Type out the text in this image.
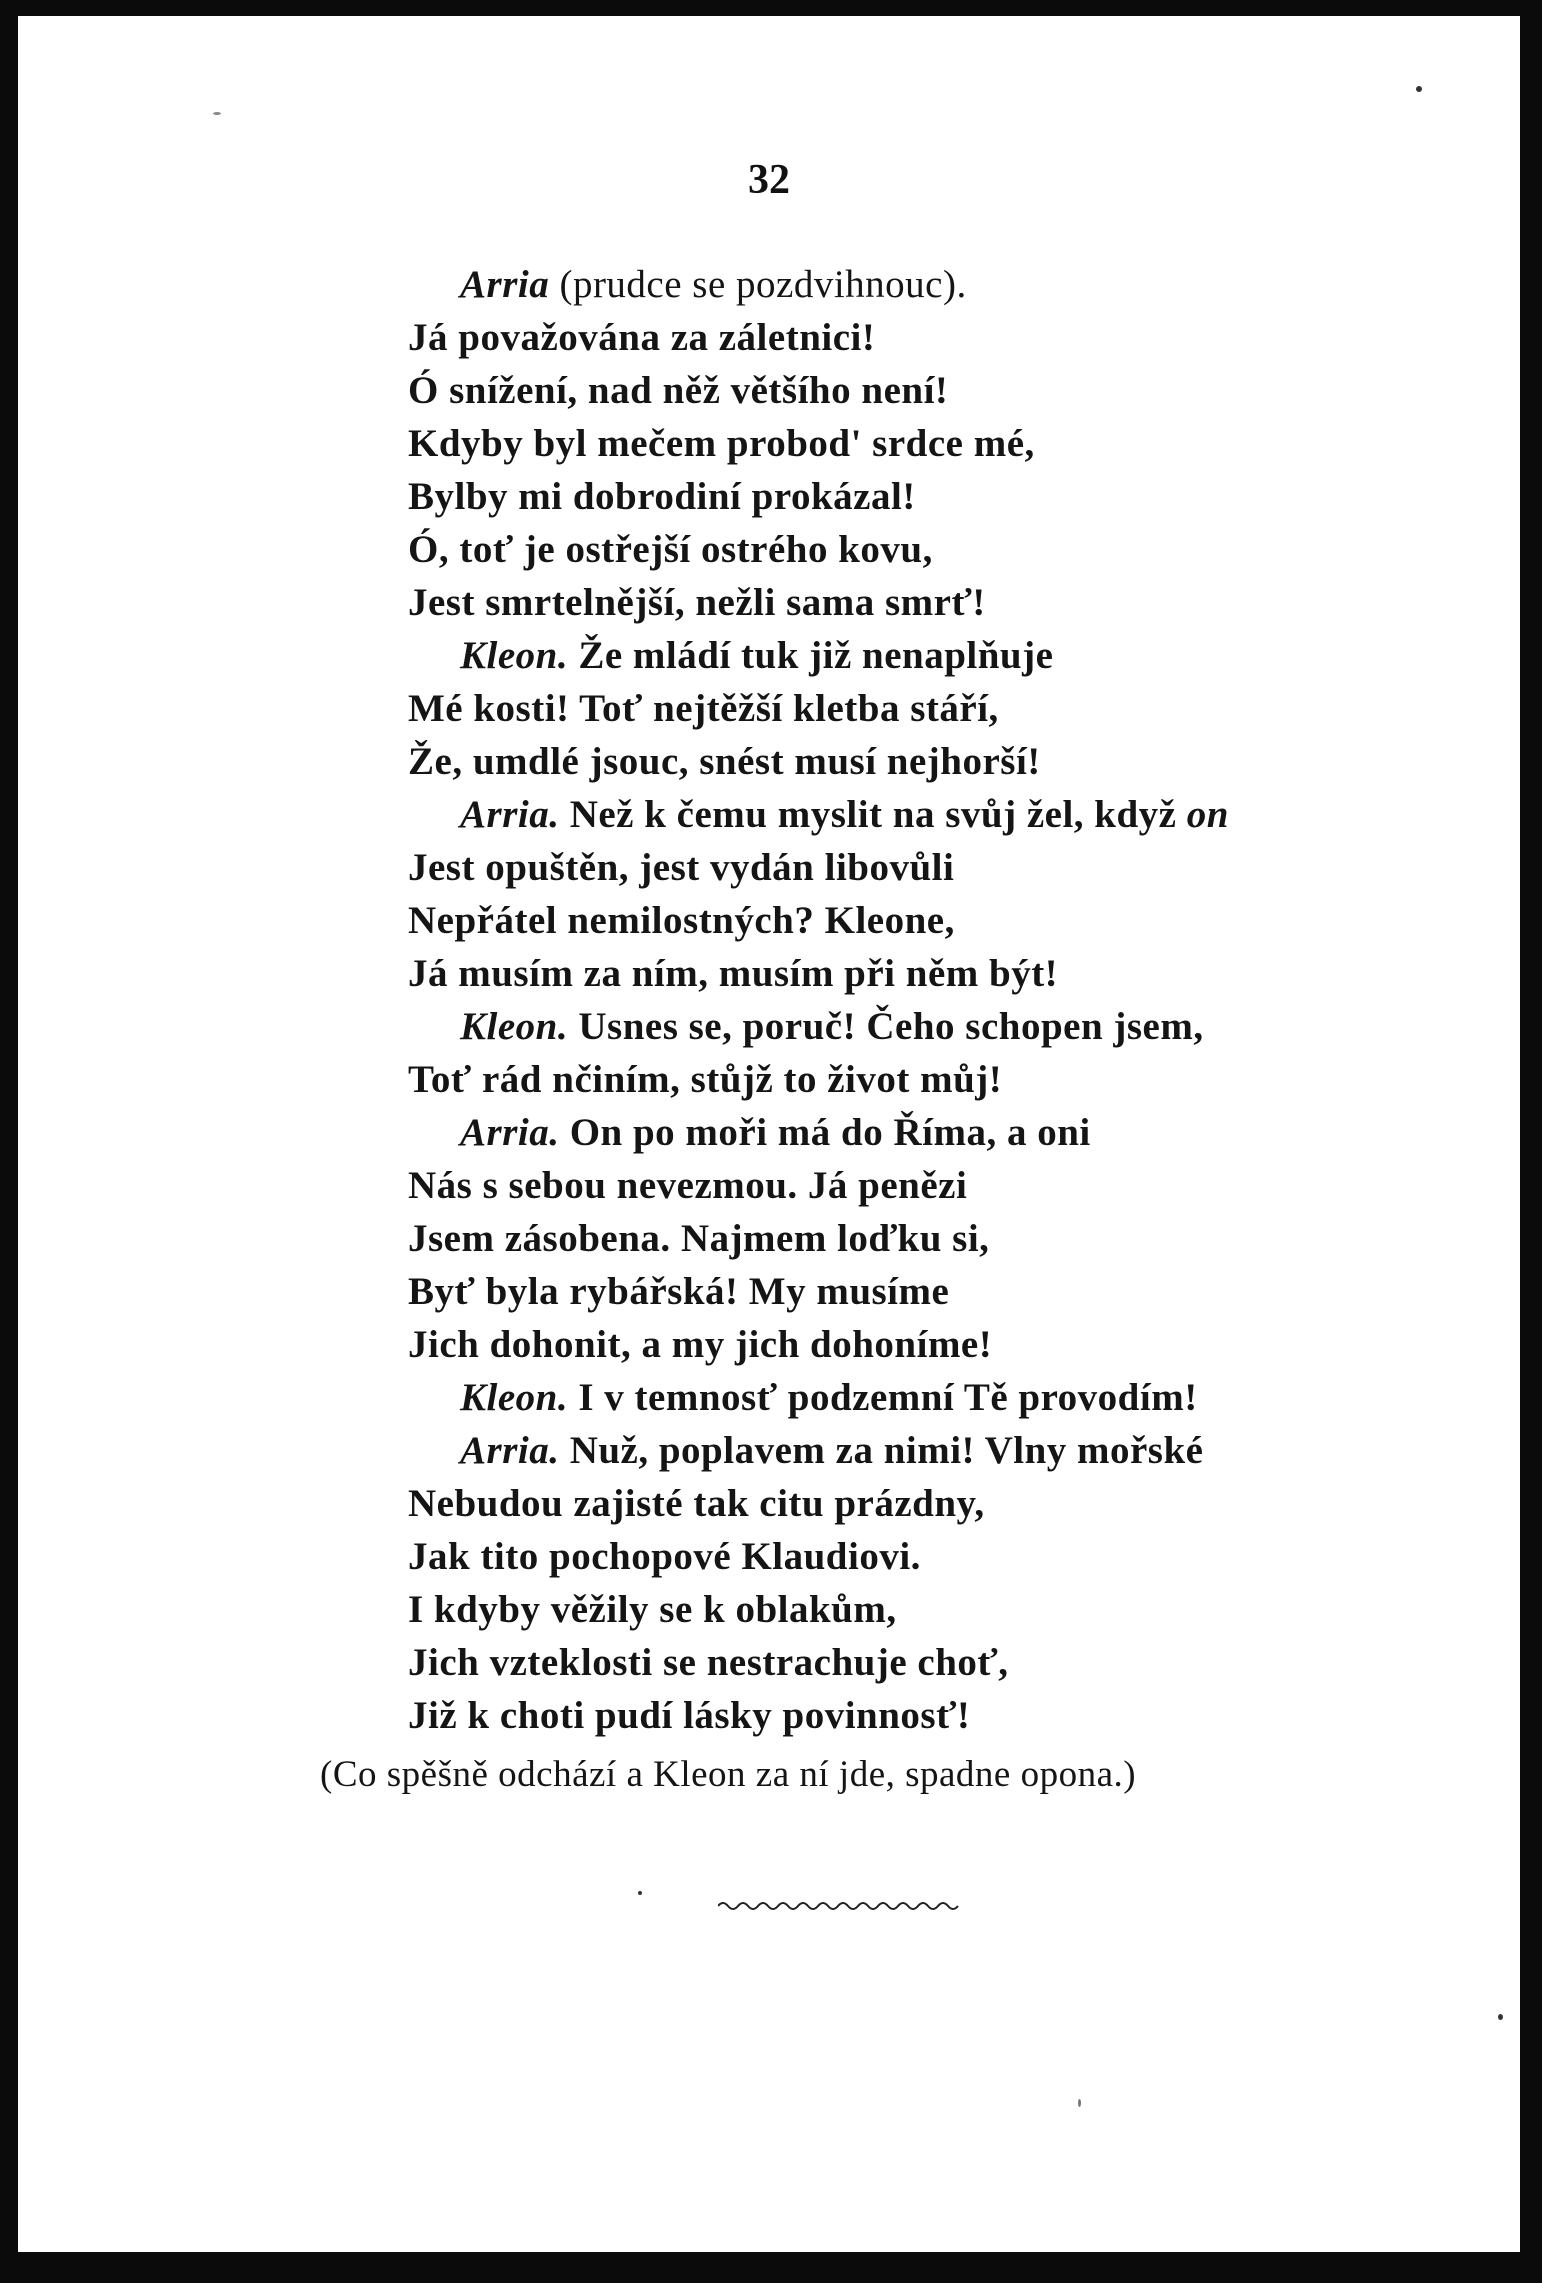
32
Arria (prudce se pozdvihnouc).
Já považována za záletnici!
Ó snížení, nad něž většího není!
Kdyby byl mečem probod' srdce mé,
Bylby mi dobrodiní prokázal!
Ó, toť je ostřejší ostrého kovu,
Jest smrtelnější, nežli sama smrť!
Kleon. Že mládí tuk již nenaplňuje
Mé kosti! Toť nejtěžší kletba stáří,
Že, umdlé jsouc, snést musí nejhorší!
Arria. Než k čemu myslit na svůj žel, když on
Jest opuštěn, jest vydán libovůli
Nepřátel nemilostných? Kleone,
Já musím za ním, musím při něm být!
Kleon. Usnes se, poruč! Čeho schopen jsem,
Toť rád nčiním, stůjž to život můj!
Arria. On po moři má do Říma, a oni
Nás s sebou nevezmou. Já penězi
Jsem zásobena. Najmem loďku si,
Byť byla rybářská! My musíme
Jich dohonit, a my jich dohoníme!
Kleon. I v temnosť podzemní Tě provodím!
Arria. Nuž, poplavem za nimi! Vlny mořské
Nebudou zajisté tak citu prázdny,
Jak tito pochopové Klaudiovi.
I kdyby věžily se k oblakům,
Jich vzteklosti se nestrachuje choť,
Již k choti pudí lásky povinnosť!
(Co spěšně odchází a Kleon za ní jde, spadne opona.)
